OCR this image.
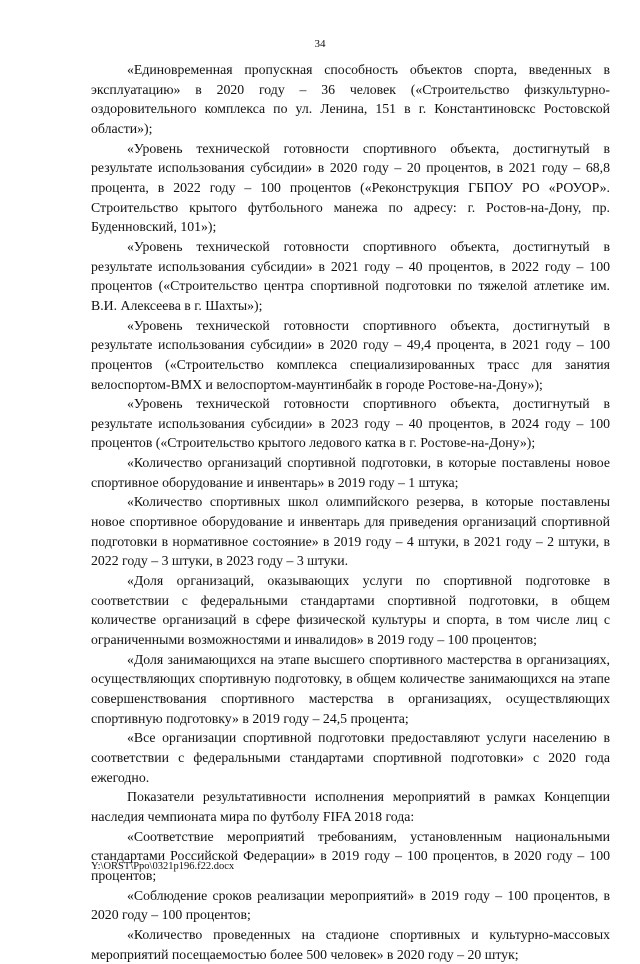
34

«Единовременная пропускная способность объектов спорта, введенных в эксплуатацию» в 2020 году – 36 человек («Строительство физкультурно-оздоровительного комплекса по ул. Ленина, 151 в г. Константиновскс Ростовской области»);

«Уровень технической готовности спортивного объекта, достигнутый в результате использования субсидии» в 2020 году – 20 процентов, в 2021 году – 68,8 процента, в 2022 году – 100 процентов («Реконструкция ГБПОУ РО «РОУОР». Строительство крытого футбольного манежа по адресу: г. Ростов-на-Дону, пр. Буденновский, 101»);

«Уровень технической готовности спортивного объекта, достигнутый в результате использования субсидии» в 2021 году – 40 процентов, в 2022 году – 100 процентов («Строительство центра спортивной подготовки по тяжелой атлетике им. В.И. Алексеева в г. Шахты»);

«Уровень технической готовности спортивного объекта, достигнутый в результате использования субсидии» в 2020 году – 49,4 процента, в 2021 году – 100 процентов («Строительство комплекса специализированных трасс для занятия велоспортом-BMX и велоспортом-маунтинбайк в городе Ростове-на-Дону»);

«Уровень технической готовности спортивного объекта, достигнутый в результате использования субсидии» в 2023 году – 40 процентов, в 2024 году – 100 процентов («Строительство крытого ледового катка в г. Ростове-на-Дону»);

«Количество организаций спортивной подготовки, в которые поставлены новое спортивное оборудование и инвентарь» в 2019 году – 1 штука;

«Количество спортивных школ олимпийского резерва, в которые поставлены новое спортивное оборудование и инвентарь для приведения организаций спортивной подготовки в нормативное состояние» в 2019 году – 4 штуки, в 2021 году – 2 штуки, в 2022 году – 3 штуки, в 2023 году – 3 штуки.

«Доля организаций, оказывающих услуги по спортивной подготовке в соответствии с федеральными стандартами спортивной подготовки, в общем количестве организаций в сфере физической культуры и спорта, в том числе лиц с ограниченными возможностями и инвалидов» в 2019 году – 100 процентов;

«Доля занимающихся на этапе высшего спортивного мастерства в организациях, осуществляющих спортивную подготовку, в общем количестве занимающихся на этапе совершенствования спортивного мастерства в организациях, осуществляющих спортивную подготовку» в 2019 году – 24,5 процента;

«Все организации спортивной подготовки предоставляют услуги населению в соответствии с федеральными стандартами спортивной подготовки» с 2020 года ежегодно.

Показатели результативности исполнения мероприятий в рамках Концепции наследия чемпионата мира по футболу FIFA 2018 года:

«Соответствие мероприятий требованиям, установленным национальными стандартами Российской Федерации» в 2019 году – 100 процентов, в 2020 году – 100 процентов;

«Соблюдение сроков реализации мероприятий» в 2019 году – 100 процентов, в 2020 году – 100 процентов;

«Количество проведенных на стадионе спортивных и культурно-массовых мероприятий посещаемостью более 500 человек» в 2020 году – 20 штук;

Y:\ORST\Ppo\0321p196.f22.docx
